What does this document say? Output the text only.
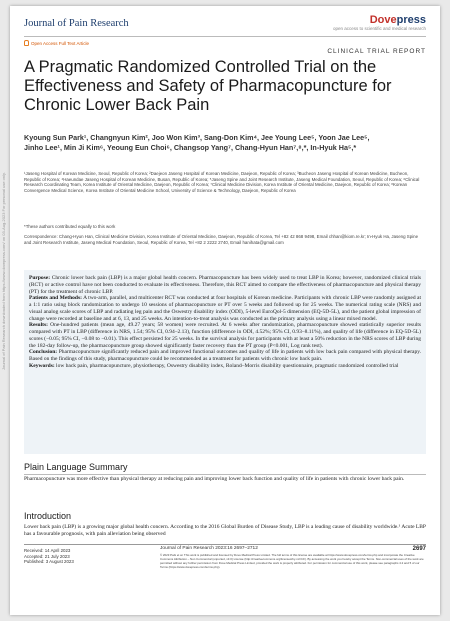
Journal of Pain Research downloaded from https://www.dovepress.com/ on 03-Aug-2023 For personal use only.
Journal of Pain Research	Dovepress
open access to scientific and medical research
Open Access Full Text Article
CLINICAL TRIAL REPORT
A Pragmatic Randomized Controlled Trial on the Effectiveness and Safety of Pharmacopuncture for Chronic Lower Back Pain
Kyoung Sun Park¹, Changnyun Kim², Joo Won Kim³, Sang-Don Kim⁴, Jee Young Lee⁵, Yoon Jae Lee⁵,
Jinho Lee¹, Min Ji Kim⁶, Yeoung Eun Choi⁶, Changsop Yang⁷, Chang-Hyun Han⁷,⁸,*, In-Hyuk Ha⁵,*
¹Jaseng Hospital of Korean Medicine, Seoul, Republic of Korea; ²Daejeon Jaseng Hospital of Korean Medicine, Daejeon, Republic of Korea; ³Bucheon Jaseng Hospital of Korean Medicine, Bucheon, Republic of Korea; ⁴Haeundae Jaseng Hospital of Korean Medicine, Busan, Republic of Korea; ⁵Jaseng Spine and Joint Research Institute, Jaseng Medical Foundation, Seoul, Republic of Korea; ⁶Clinical Research Coordinating Team, Korea Institute of Oriental Medicine, Daejeon, Republic of Korea; ⁷Clinical Medicine Division, Korea Institute of Oriental Medicine, Daejeon, Republic of Korea; ⁸Korean Convergence Medical Science, Korea Institute of Oriental Medicine School, University of Science & Technology, Daejeon, Republic of Korea
*These authors contributed equally to this work
Correspondence: Chang-Hyun Han, Clinical Medicine Division, Korea Institute of Oriental Medicine, Daejeon, Republic of Korea, Tel +82 42 868 9498, Email chhan@kiom.re.kr; In-Hyuk Ha, Jaseng Spine and Joint Research Institute, Jaseng Medical Foundation, Seoul, Republic of Korea, Tel +82 2 2222 2740, Email hanihata@gmail.com

Purpose: Chronic lower back pain (LBP) is a major global health concern. Pharmacopuncture has been widely used to treat LBP in Korea; however, randomized clinical trials (RCT) or active control have not been conducted to evaluate its effectiveness. Therefore, this RCT aimed to compare the effectiveness of pharmacopuncture and physical therapy (PT) for the treatment of chronic LBP.

Patients and Methods: A two-arm, parallel, and multicenter RCT was conducted at four hospitals of Korean medicine. Participants with chronic LBP were randomly assigned at a 1:1 ratio using block randomization to undergo 10 sessions of pharmacopuncture or PT over 5 weeks and followed up for 25 weeks. The numerical rating scale (NRS) and visual analog scale scores of LBP and radiating leg pain and the Oswestry disability index (ODI), 5-level EuroQol-5 dimension (EQ-5D-5L), and the patient global impression of change were recorded at baseline and at 6, 13, and 25 weeks. An intention-to-treat analysis was conducted as the primary analysis using a linear mixed model.

Results: One-hundred patients (mean age, 49.27 years; 58 women) were recruited. At 6 weeks after randomization, pharmacopuncture showed statistically superior results compared with PT in LBP (difference in NRS, 1.54; 95% CI, 0.94–2.13), function (difference in ODI, 4.52%; 95% CI, 0.93–8.11%), and quality of life (difference in EQ-5D-5L) scores (−0.05; 95% CI, −0.08 to −0.01). This effect persisted for 25 weeks. In the survival analysis for participants with at least a 50% reduction in the NRS scores of LBP during the 182-day follow-up, the pharmacopuncture group showed significantly faster recovery than the PT group (P<0.001, Log rank test).

Conclusion: Pharmacopuncture significantly reduced pain and improved functional outcomes and quality of life in patients with low back pain compared with physical therapy. Based on the findings of this study, pharmacopuncture could be recommended as a treatment for patients with chronic low back pain.

Keywords: low back pain, pharmacopuncture, physiotherapy, Oswestry disability index, Roland–Morris disability questionnaire, pragmatic randomized controlled trial

Plain Language Summary

Pharmacopuncture was more effective than physical therapy at reducing pain and improving lower back function and quality of life in patients with chronic lower back pain.

Introduction

Lower back pain (LBP) is a growing major global health concern. According to the 2016 Global Burden of Disease Study, LBP is a leading cause of disability worldwide.¹ Acute LBP has a favourable prognosis, with pain alleviation being observed

Received: 14 April 2023
Accepted: 21 July 2023
Published: 3 August 2023
Journal of Pain Research 2023:16 2697–2712	2697
© 2023 Park et al. This work is published and licensed by Dove Medical Press Limited. The full terms of this license are available at https://www.dovepress.com/terms.php and incorporate the Creative Commons Attribution – Non Commercial (unported, v3.0) License (http://creativecommons.org/licenses/by-nc/3.0/). By accessing the work you hereby accept the Terms. Non-commercial uses of the work are permitted without any further permission from Dove Medical Press Limited, provided the work is properly attributed. For permission for commercial use of this work, please see paragraphs 4.2 and 5 of our Terms (https://www.dovepress.com/terms.php).
